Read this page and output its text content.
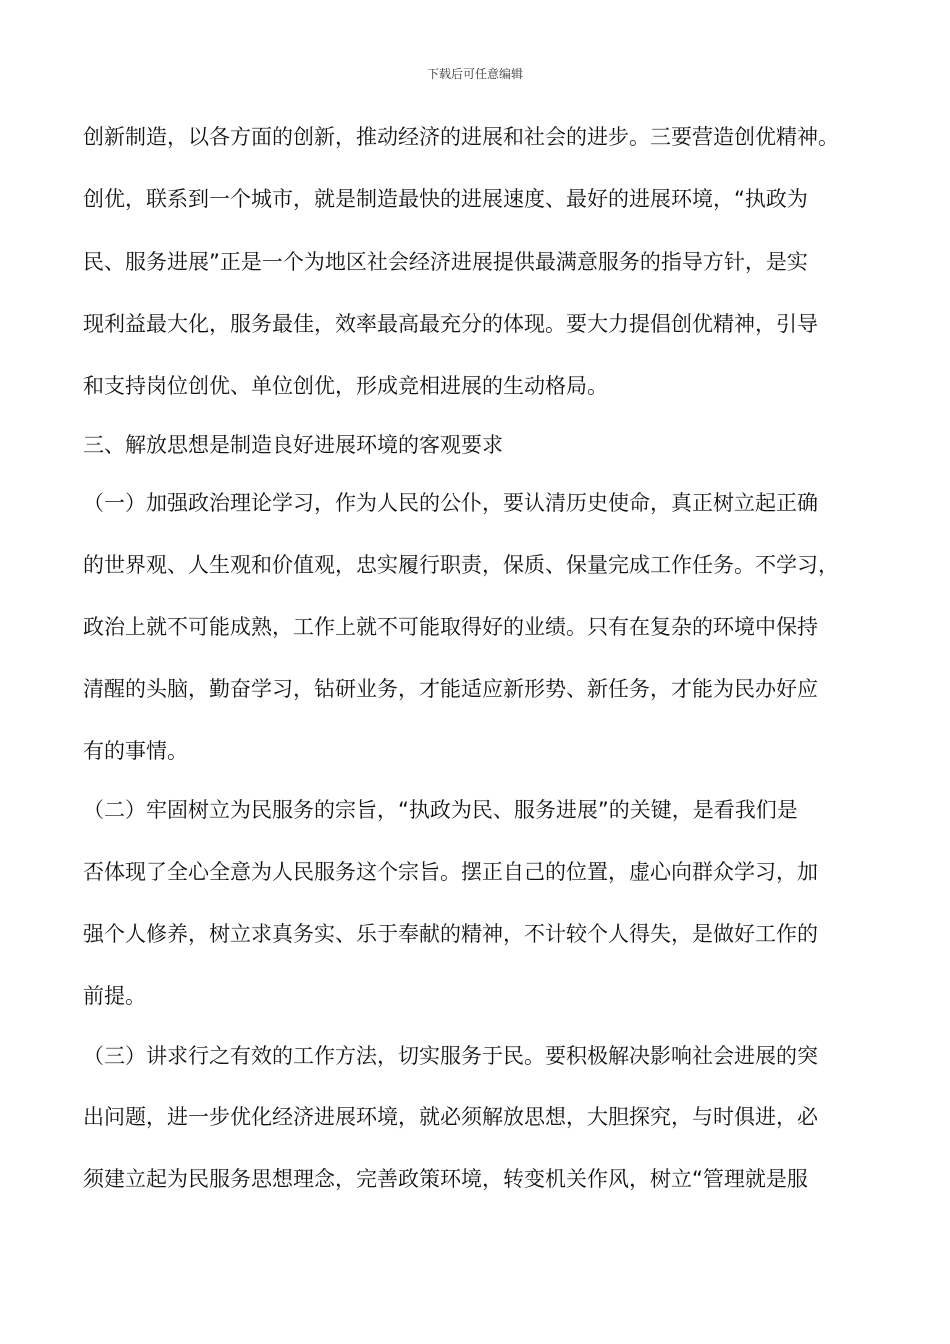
下载后可任意编辑
创新制造，以各方面的创新，推动经济的进展和社会的进步。三要营造创优精神。
创优，联系到一个城市，就是制造最快的进展速度、最好的进展环境，“执政为
民、服务进展”正是一个为地区社会经济进展提供最满意服务的指导方针，是实
现利益最大化，服务最佳，效率最高最充分的体现。要大力提倡创优精神，引导
和支持岗位创优、单位创优，形成竞相进展的生动格局。
三、解放思想是制造良好进展环境的客观要求
（一）加强政治理论学习，作为人民的公仆，要认清历史使命，真正树立起正确
的世界观、人生观和价值观，忠实履行职责，保质、保量完成工作任务。不学习，
政治上就不可能成熟，工作上就不可能取得好的业绩。只有在复杂的环境中保持
清醒的头脑，勤奋学习，钻研业务，才能适应新形势、新任务，才能为民办好应
有的事情。
（二）牢固树立为民服务的宗旨，“执政为民、服务进展”的关键，是看我们是
否体现了全心全意为人民服务这个宗旨。摆正自己的位置，虚心向群众学习，加
强个人修养，树立求真务实、乐于奉献的精神，不计较个人得失，是做好工作的
前提。
（三）讲求行之有效的工作方法，切实服务于民。要积极解决影响社会进展的突
出问题，进一步优化经济进展环境，就必须解放思想，大胆探究，与时俱进，必
须建立起为民服务思想理念，完善政策环境，转变机关作风，树立“管理就是服
